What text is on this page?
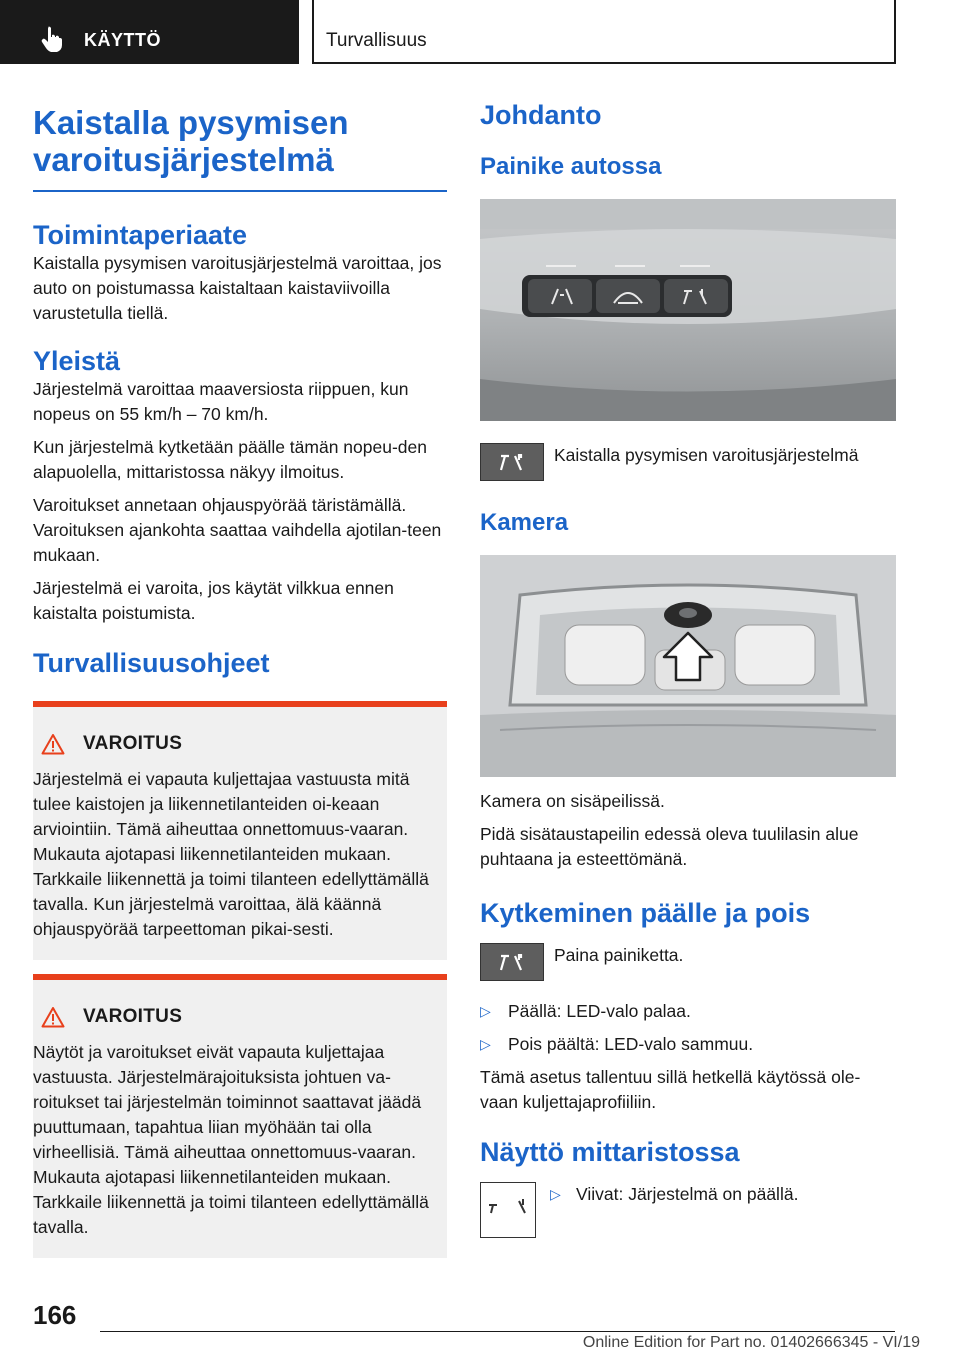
KÄYTTÖ	Turvallisuus
Kaistalla pysymisen varoitusjärjestelmä
Toimintaperiaate
Kaistalla pysymisen varoitusjärjestelmä varoittaa, jos auto on poistumassa kaistaltaan kaistaviivoilla varustetulla tiellä.
Yleistä
Järjestelmä varoittaa maaversiosta riippuen, kun nopeus on 55 km/h – 70 km/h.
Kun järjestelmä kytketään päälle tämän nopeu-den alapuolella, mittaristossa näkyy ilmoitus.
Varoitukset annetaan ohjauspyörää täristämällä. Varoituksen ajankohta saattaa vaihdella ajotilan-teen mukaan.
Järjestelmä ei varoita, jos käytät vilkkua ennen kaistalta poistumista.
Turvallisuusohjeet
VAROITUS
Järjestelmä ei vapauta kuljettajaa vastuusta mitä tulee kaistojen ja liikennetilanteiden oi-keaan arviointiin. Tämä aiheuttaa onnettomuus-vaaran. Mukauta ajotapasi liikennetilanteiden mukaan. Tarkkaile liikennettä ja toimi tilanteen edellyttämällä tavalla. Kun järjestelmä varoittaa, älä käännä ohjauspyörää tarpeettoman pikai-sesti.
VAROITUS
Näytöt ja varoitukset eivät vapauta kuljettajaa vastuusta. Järjestelmärajoituksista johtuen va-roitukset tai järjestelmän toiminnot saattavat jäädä puuttumaan, tapahtua liian myöhään tai olla virheellisiä. Tämä aiheuttaa onnettomuus-vaaran. Mukauta ajotapasi liikennetilanteiden mukaan. Tarkkaile liikennettä ja toimi tilanteen edellyttämällä tavalla.
Johdanto
Painike autossa
Kaistalla pysymisen varoitusjärjestelmä
Kamera
Kamera on sisäpeilissä.
Pidä sisätaustapeilin edessä oleva tuulilasin alue puhtaana ja esteettömänä.
Kytkeminen päälle ja pois
Paina painiketta.
▷ Päällä: LED-valo palaa.
▷ Pois päältä: LED-valo sammuu.
Tämä asetus tallentuu sillä hetkellä käytössä ole-vaan kuljettajaprofiiliin.
Näyttö mittaristossa
▷ Viivat: Järjestelmä on päällä.
166
Online Edition for Part no. 01402666345 - VI/19
